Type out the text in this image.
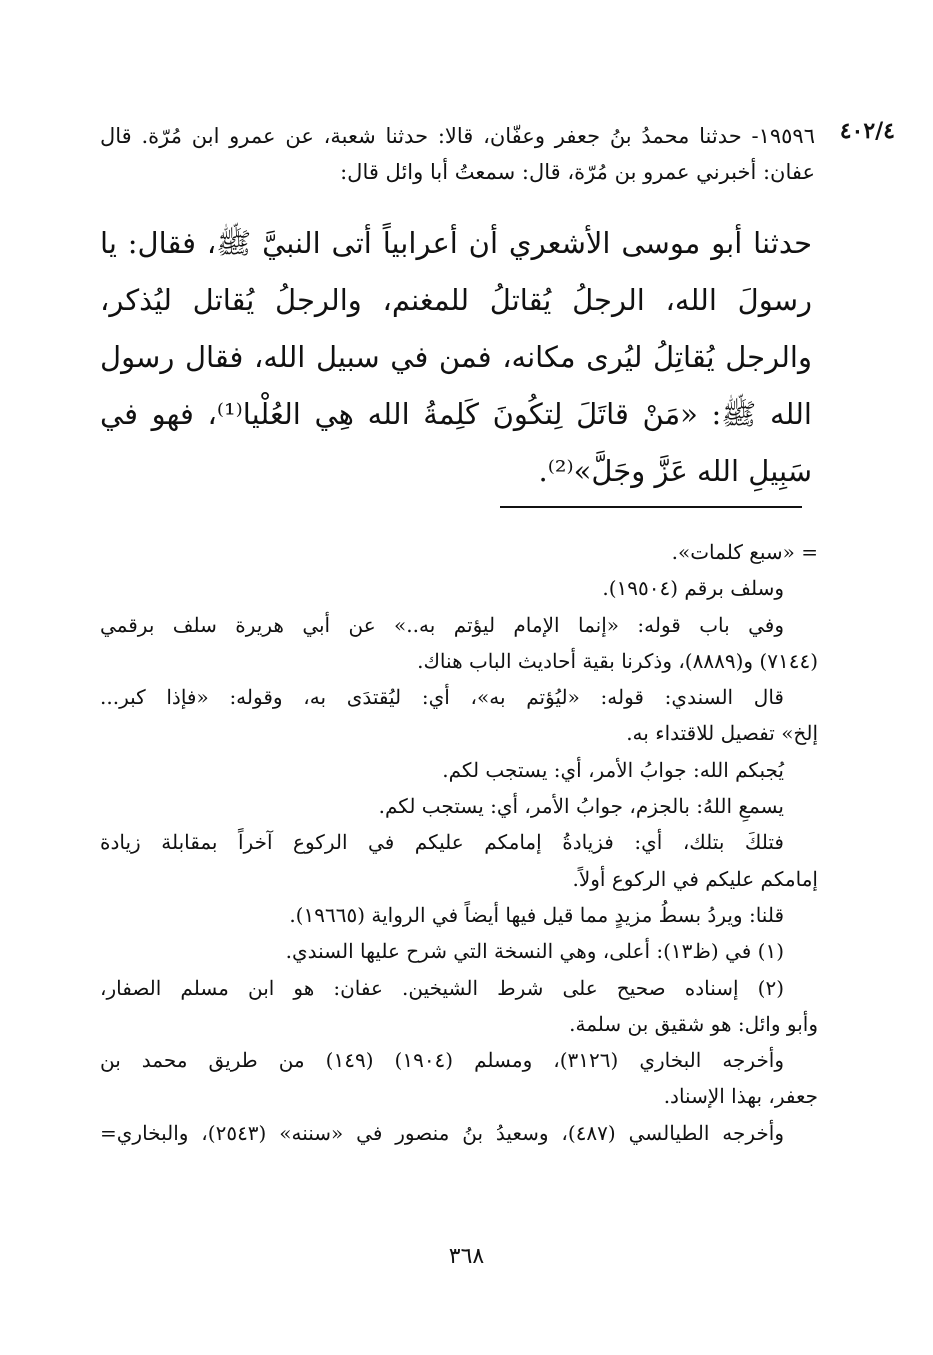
٤٠٢/٤

١٩٥٩٦- حدثنا محمدُ بنُ جعفر وعفّان، قالا: حدثنا شعبة، عن عمرو ابن مُرّة. قال عفان: أخبرني عمرو بن مُرّة، قال: سمعتُ أبا وائل قال:

حدثنا أبو موسى الأشعري أن أعرابياً أتى النبيَّ ﷺ، فقال: يا رسولَ الله، الرجلُ يُقاتلُ للمغنم، والرجلُ يُقاتل ليُذكر، والرجل يُقاتِلُ ليُرى مكانه، فمن في سبيل الله، فقال رسول الله ﷺ: «مَنْ قاتَلَ لِتكُونَ كَلِمةُ الله هِي العُلْيا⁽¹⁾، فهو في سَبِيلِ الله عَزَّ وجَلَّ»⁽²⁾.

= «سبع كلمات».

وسلف برقم (١٩٥٠٤).

وفي باب قوله: «إنما الإمام ليؤتم به..» عن أبي هريرة سلف برقمي

(٧١٤٤) و(٨٨٨٩)، وذكرنا بقية أحاديث الباب هناك.

قال السندي: قوله: «ليُؤتم به»، أي: ليُقتدَى به، وقوله: «فإذا كبر...

إلخ» تفصيل للاقتداء به.

يُجبكم الله: جوابُ الأمر، أي: يستجب لكم.

يسمعِ اللهُ: بالجزم، جوابُ الأمر، أي: يستجب لكم.

فتلكَ بتلك، أي: فزيادةُ إمامكم عليكم في الركوع آخراً بمقابلة زيادة

إمامكم عليكم في الركوع أولاً.

قلنا: ويردُ بسطُ مزيدٍ مما قيل فيها أيضاً في الرواية (١٩٦٦٥).

(١) في (ظ١٣): أعلى، وهي النسخة التي شرح عليها السندي.

(٢) إسناده صحيح على شرط الشيخين. عفان: هو ابن مسلم الصفار،

وأبو وائل: هو شقيق بن سلمة.

وأخرجه البخاري (٣١٢٦)، ومسلم (١٩٠٤) (١٤٩) من طريق محمد بن

جعفر، بهذا الإسناد.

وأخرجه الطيالسي (٤٨٧)، وسعيدُ بنُ منصور في «سننه» (٢٥٤٣)، والبخاري=

٣٦٨
